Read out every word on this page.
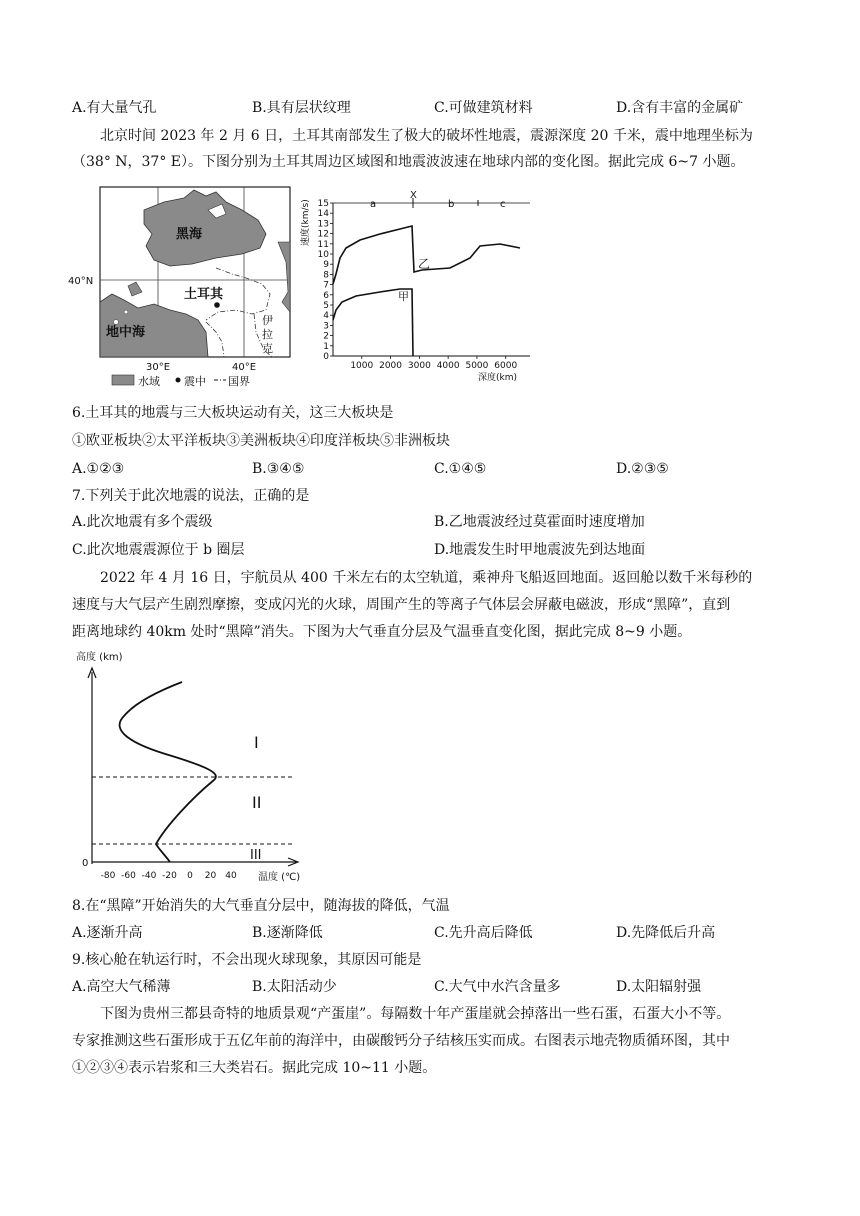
A.有大量气孔	B.具有层状纹理	C.可做建筑材料	D.含有丰富的金属矿
北京时间 2023 年 2 月 6 日，土耳其南部发生了极大的破坏性地震，震源深度 20 千米，震中地理坐标为
（38° N，37° E）。下图分别为土耳其周边区域图和地震波波速在地球内部的变化图。据此完成 6~7 小题。
黑海
土耳其
地中海
伊
拉
克
40°N
30°E	40°E
水域 震中 国界
0
1
2
3
4
5
6
7
8
9
10
11
12
13
14
15
1000 2000 3000 4000 5000 6000
a
X
b	c
乙
甲
速度(km/s)
深度(km)
6.土耳其的地震与三大板块运动有关，这三大板块是
①欧亚板块②太平洋板块③美洲板块④印度洋板块⑤非洲板块
A.①②③	B.③④⑤	C.①④⑤	D.②③⑤
7.下列关于此次地震的说法，正确的是
A.此次地震有多个震级	B.乙地震波经过莫霍面时速度增加
C.此次地震震源位于 b 圈层	D.地震发生时甲地震波先到达地面
2022 年 4 月 16 日，宇航员从 400 千米左右的太空轨道，乘神舟飞船返回地面。返回舱以数千米每秒的
速度与大气层产生剧烈摩擦，变成闪光的火球，周围产生的等离子气体层会屏蔽电磁波，形成“黑障”，直到
距离地球约 40km 处时“黑障”消失。下图为大气垂直分层及气温垂直变化图，据此完成 8~9 小题。
高度 (km)
0
-80 -60 -40 -20 0 20 40
I
II
III
温度 (℃)
8.在“黑障”开始消失的大气垂直分层中，随海拔的降低，气温
A.逐渐升高	B.逐渐降低	C.先升高后降低	D.先降低后升高
9.核心舱在轨运行时，不会出现火球现象，其原因可能是
A.高空大气稀薄	B.太阳活动少	C.大气中水汽含量多	D.太阳辐射强
下图为贵州三都县奇特的地质景观“产蛋崖”。每隔数十年产蛋崖就会掉落出一些石蛋，石蛋大小不等。
专家推测这些石蛋形成于五亿年前的海洋中，由碳酸钙分子结核压实而成。右图表示地壳物质循环图，其中
①②③④表示岩浆和三大类岩石。据此完成 10~11 小题。
